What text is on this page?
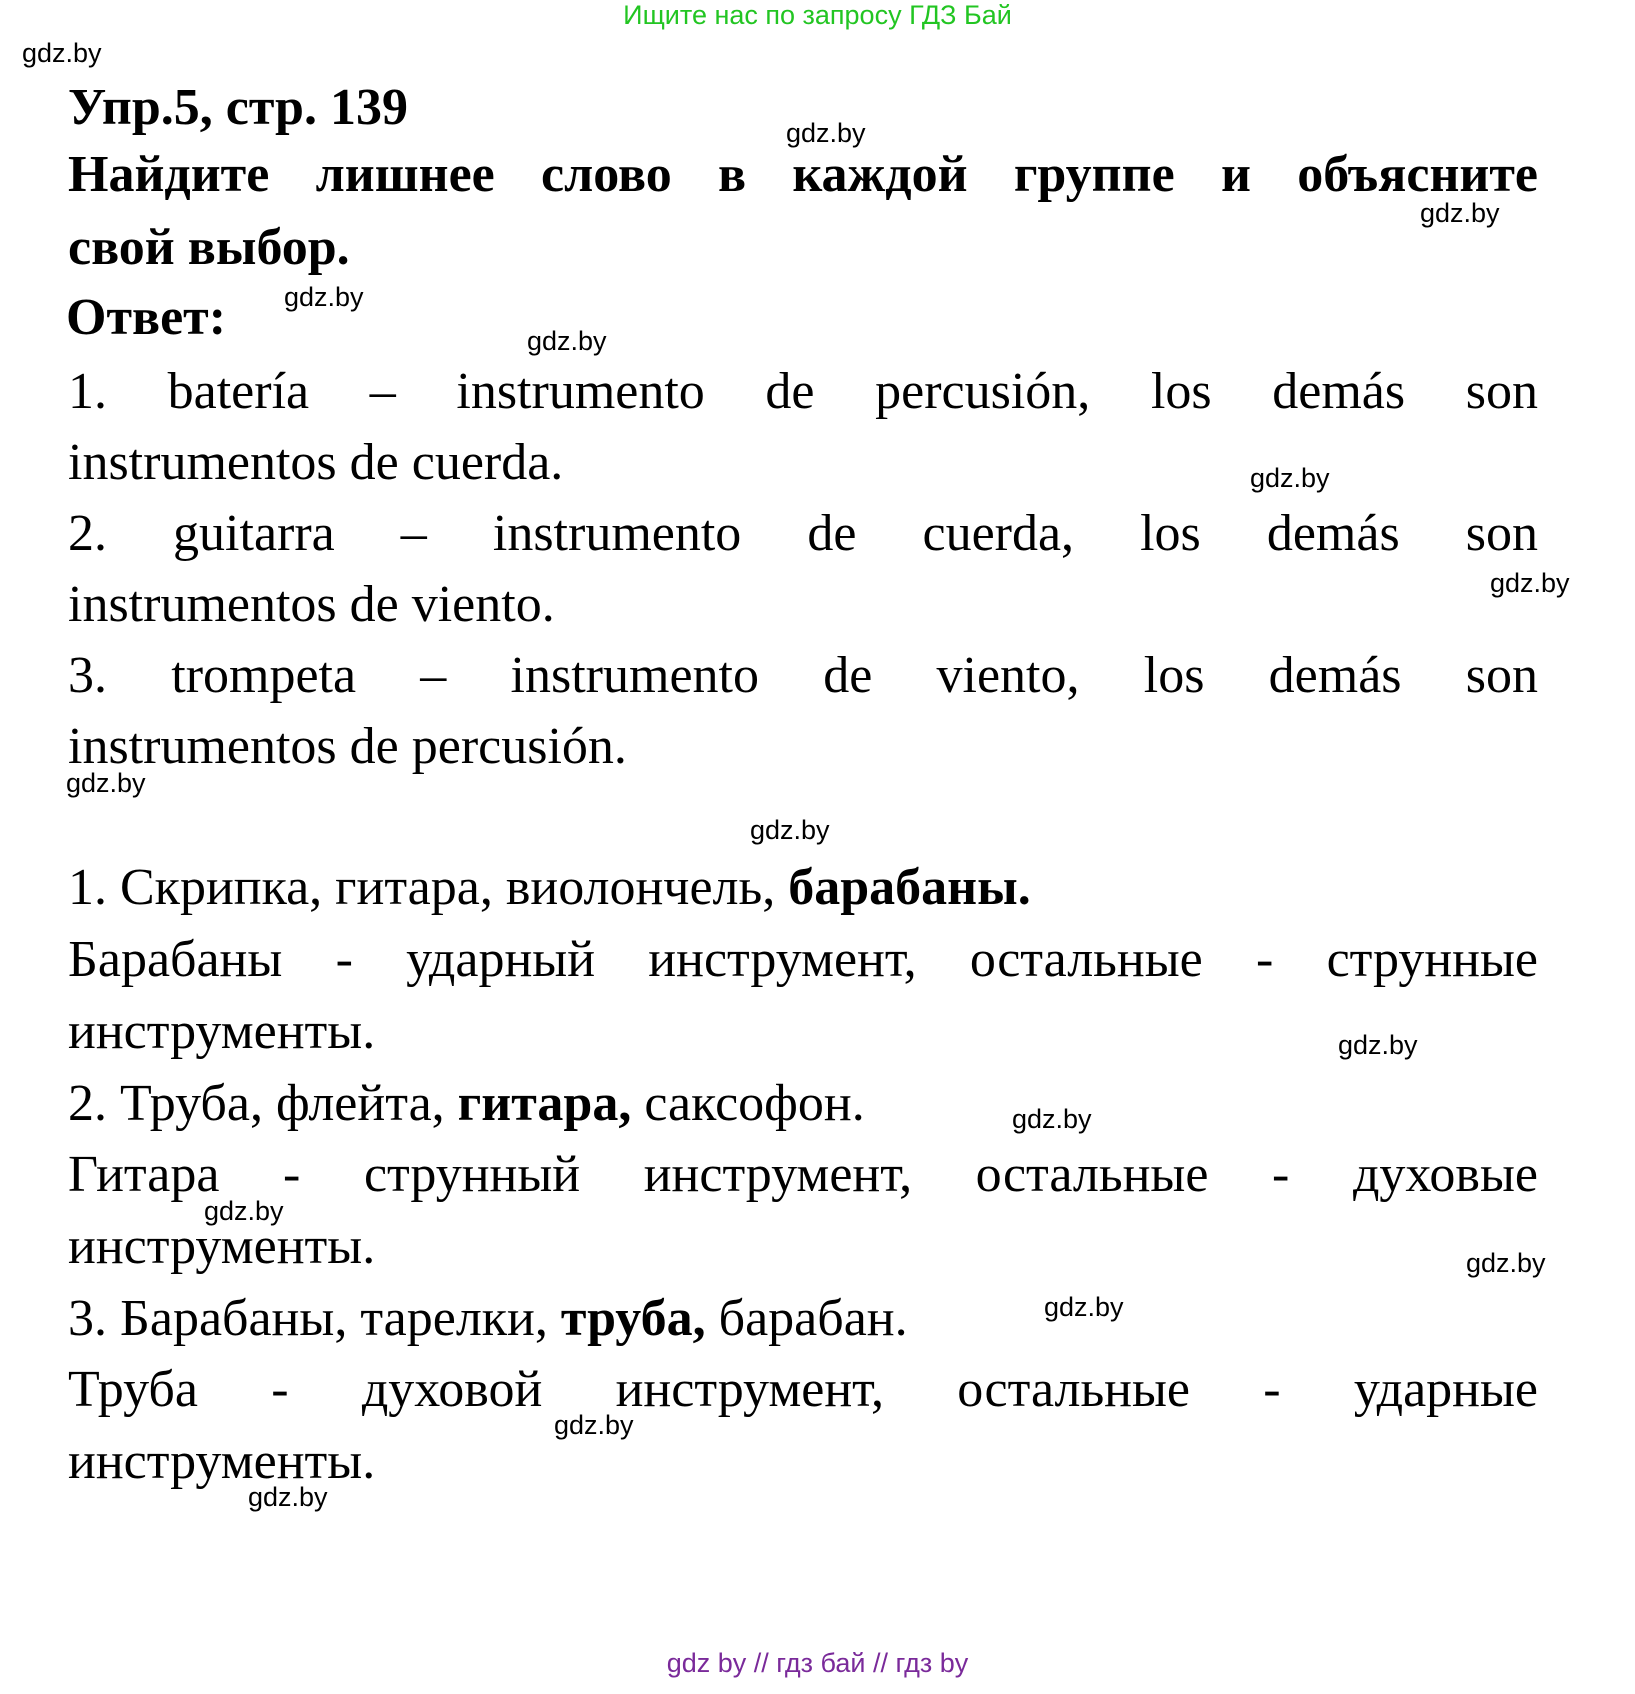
Ищите нас по запросу ГДЗ Бай
Упр.5, стр. 139
Найдите лишнее слово в каждой группе и объясните
свой выбор.
Ответ:
1. batería – instrumento de percusión, los demás son
instrumentos de cuerda.
2. guitarra – instrumento de cuerda, los demás son
instrumentos de viento.
3. trompeta – instrumento de viento, los demás son
instrumentos de percusión.
1. Скрипка, гитара, виолончель, барабаны.
Барабаны - ударный инструмент, остальные - струнные
инструменты.
2. Труба, флейта, гитара, саксофон.
Гитара - струнный инструмент, остальные - духовые
инструменты.
3. Барабаны, тарелки, труба, барабан.
Труба - духовой инструмент, остальные - ударные
инструменты.
gdz.by
gdz.by
gdz.by
gdz.by
gdz.by
gdz.by
gdz.by
gdz.by
gdz.by
gdz.by
gdz.by
gdz.by
gdz.by
gdz.by
gdz.by
gdz.by
gdz by // гдз бай // гдз by
